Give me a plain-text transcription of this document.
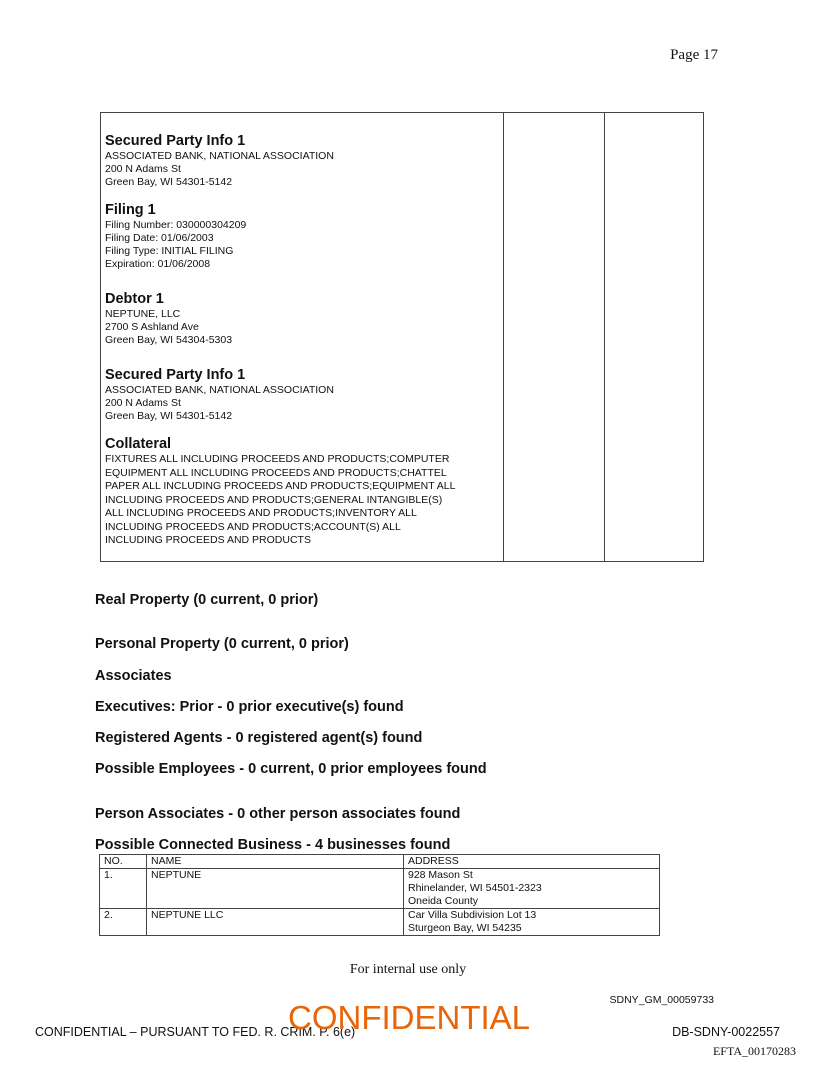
Page 17
Secured Party Info 1
ASSOCIATED BANK, NATIONAL ASSOCIATION
200 N Adams St
Green Bay, WI 54301-5142
Filing 1
Filing Number: 030000304209
Filing Date: 01/06/2003
Filing Type: INITIAL FILING
Expiration: 01/06/2008
Debtor 1
NEPTUNE, LLC
2700 S Ashland Ave
Green Bay, WI 54304-5303
Secured Party Info 1
ASSOCIATED BANK, NATIONAL ASSOCIATION
200 N Adams St
Green Bay, WI 54301-5142
Collateral
FIXTURES ALL INCLUDING PROCEEDS AND PRODUCTS;COMPUTER
EQUIPMENT ALL INCLUDING PROCEEDS AND PRODUCTS;CHATTEL
PAPER ALL INCLUDING PROCEEDS AND PRODUCTS;EQUIPMENT ALL
INCLUDING PROCEEDS AND PRODUCTS;GENERAL INTANGIBLE(S)
ALL INCLUDING PROCEEDS AND PRODUCTS;INVENTORY ALL
INCLUDING PROCEEDS AND PRODUCTS;ACCOUNT(S) ALL
INCLUDING PROCEEDS AND PRODUCTS
Real Property (0 current, 0 prior)
Personal Property (0 current, 0 prior)
Associates
Executives: Prior - 0 prior executive(s) found
Registered Agents - 0 registered agent(s) found
Possible Employees - 0 current, 0 prior employees found
Person Associates - 0 other person associates found
Possible Connected Business - 4 businesses found
NO.	NAME	ADDRESS
1.	NEPTUNE	928 Mason St
Rhinelander, WI 54501-2323
Oneida County

2.	NEPTUNE LLC	Car Villa Subdivision Lot 13
Sturgeon Bay, WI 54235
For internal use only
SDNY_GM_00059733
CONFIDENTIAL – PURSUANT TO FED. R. CRIM. P. 6(e)
CONFIDENTIAL	DB-SDNY-0022557
EFTA_00170283
